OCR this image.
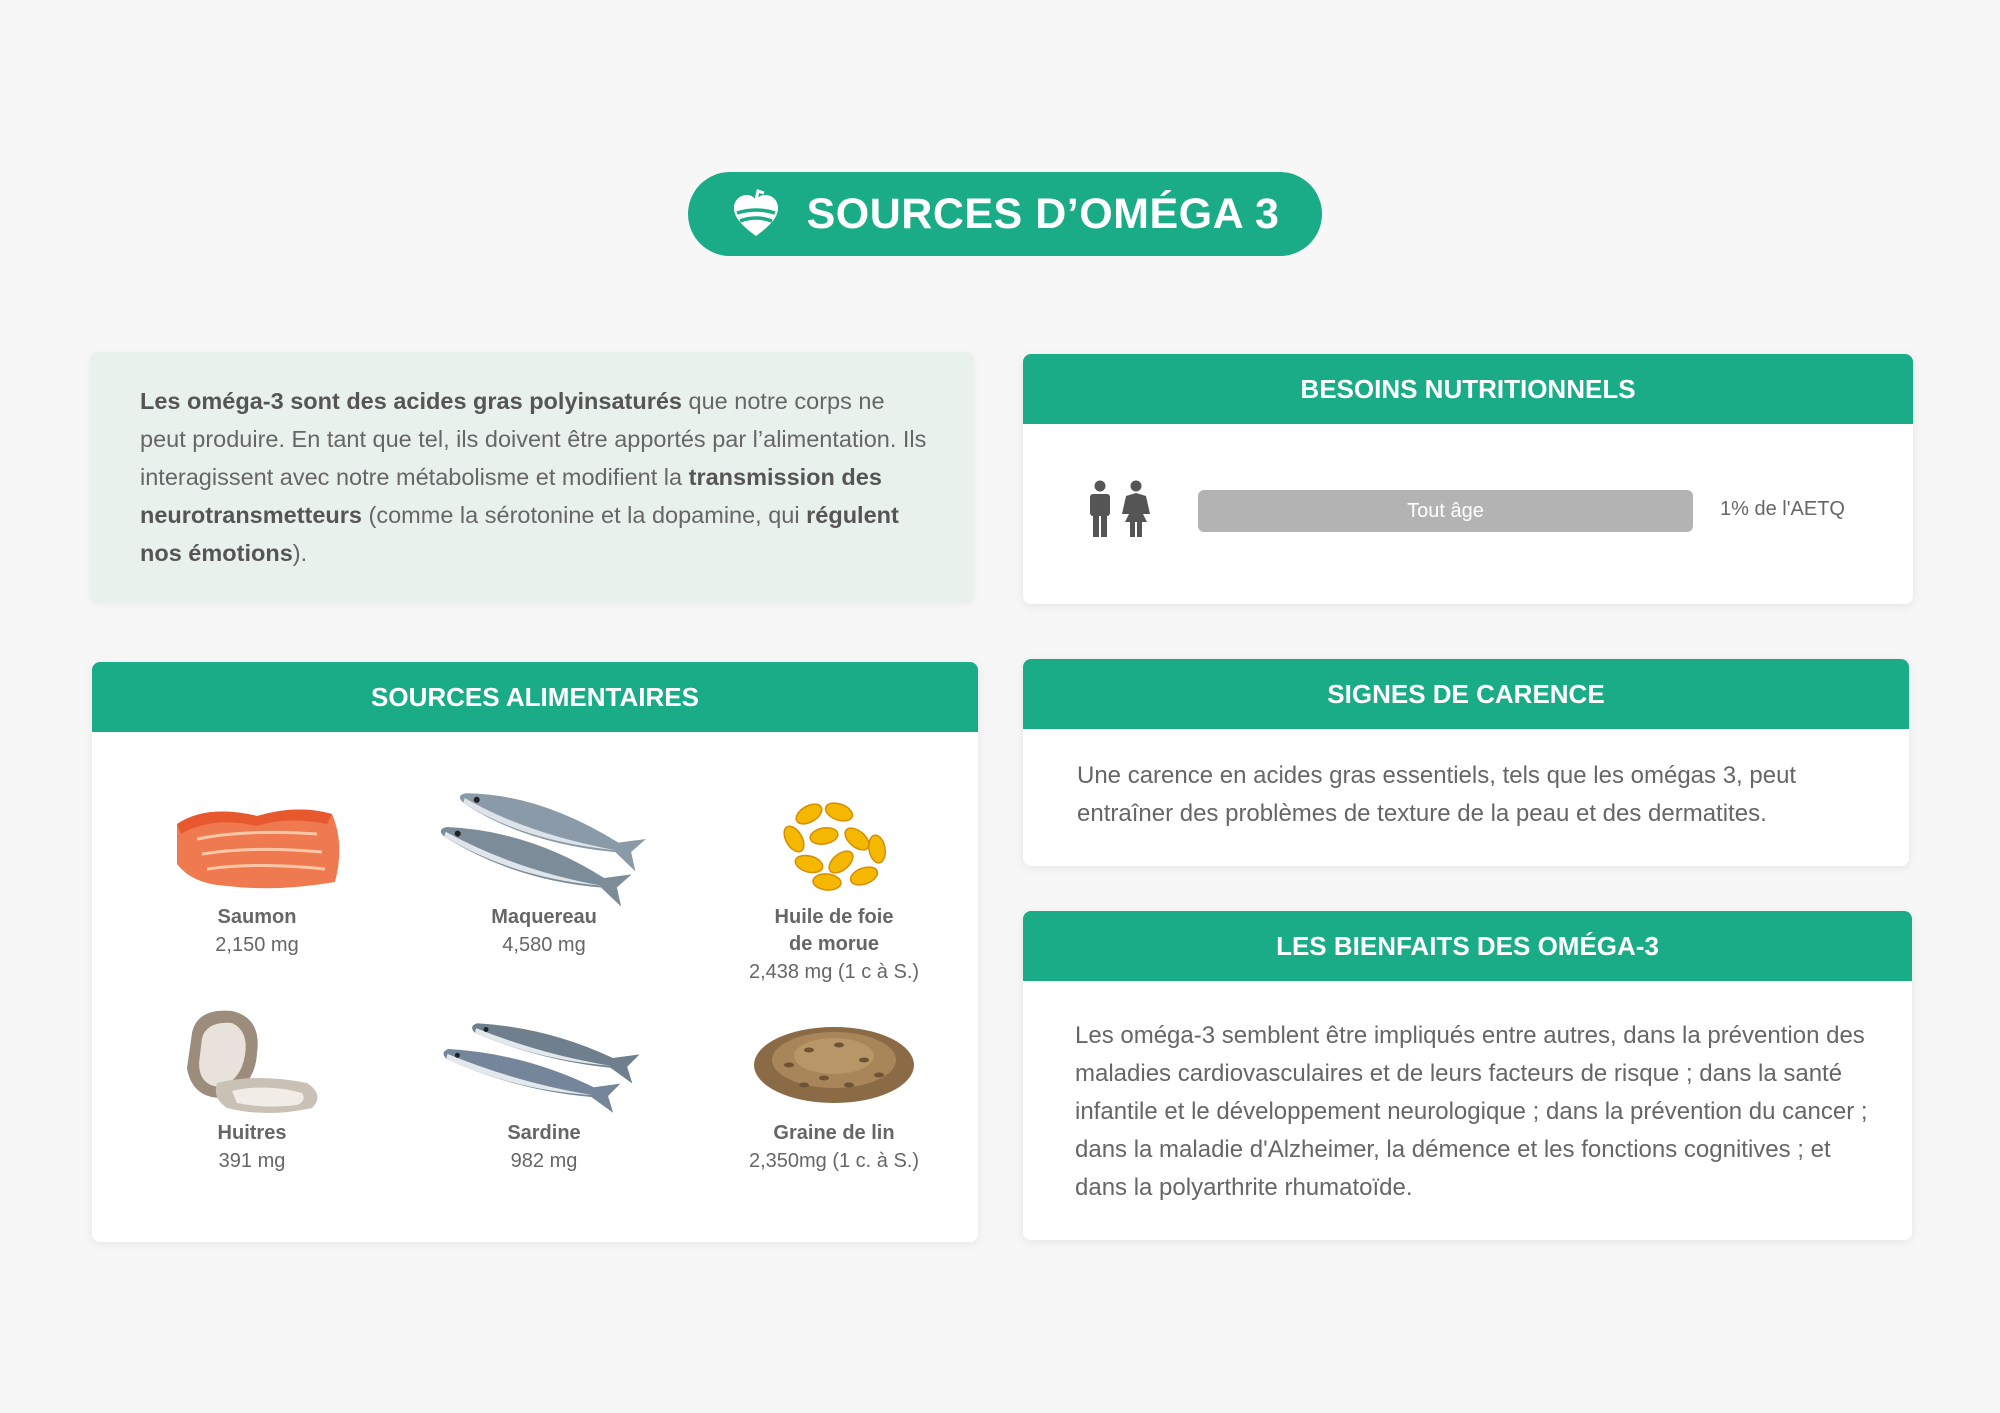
SOURCES D’OMÉGA 3

Les oméga-3 sont des acides gras polyinsaturés que notre corps ne peut produire. En tant que tel, ils doivent être apportés par l’alimentation. Ils interagissent avec notre métabolisme et modifient la transmission des neurotransmetteurs (comme la sérotonine et la dopamine, qui régulent nos émotions).

BESOINS NUTRITIONNELS
Tout âge	1% de l'AETQ
SOURCES ALIMENTAIRES
Saumon
2,150 mg
Maquereau
4,580 mg
Huile de foie
de morue
2,438 mg (1 c à S.)
Huitres
391 mg
Sardine
982 mg
Graine de lin
2,350mg (1 c. à S.)
SIGNES DE CARENCE
Une carence en acides gras essentiels, tels que les omégas 3, peut entraîner des problèmes de texture de la peau et des dermatites.
LES BIENFAITS DES OMÉGA-3
Les oméga-3 semblent être impliqués entre autres, dans la prévention des maladies cardiovasculaires et de leurs facteurs de risque ; dans la santé infantile et le développement neurologique ; dans la prévention du cancer ; dans la maladie d'Alzheimer, la démence et les fonctions cognitives ; et dans la polyarthrite rhumatoïde.
